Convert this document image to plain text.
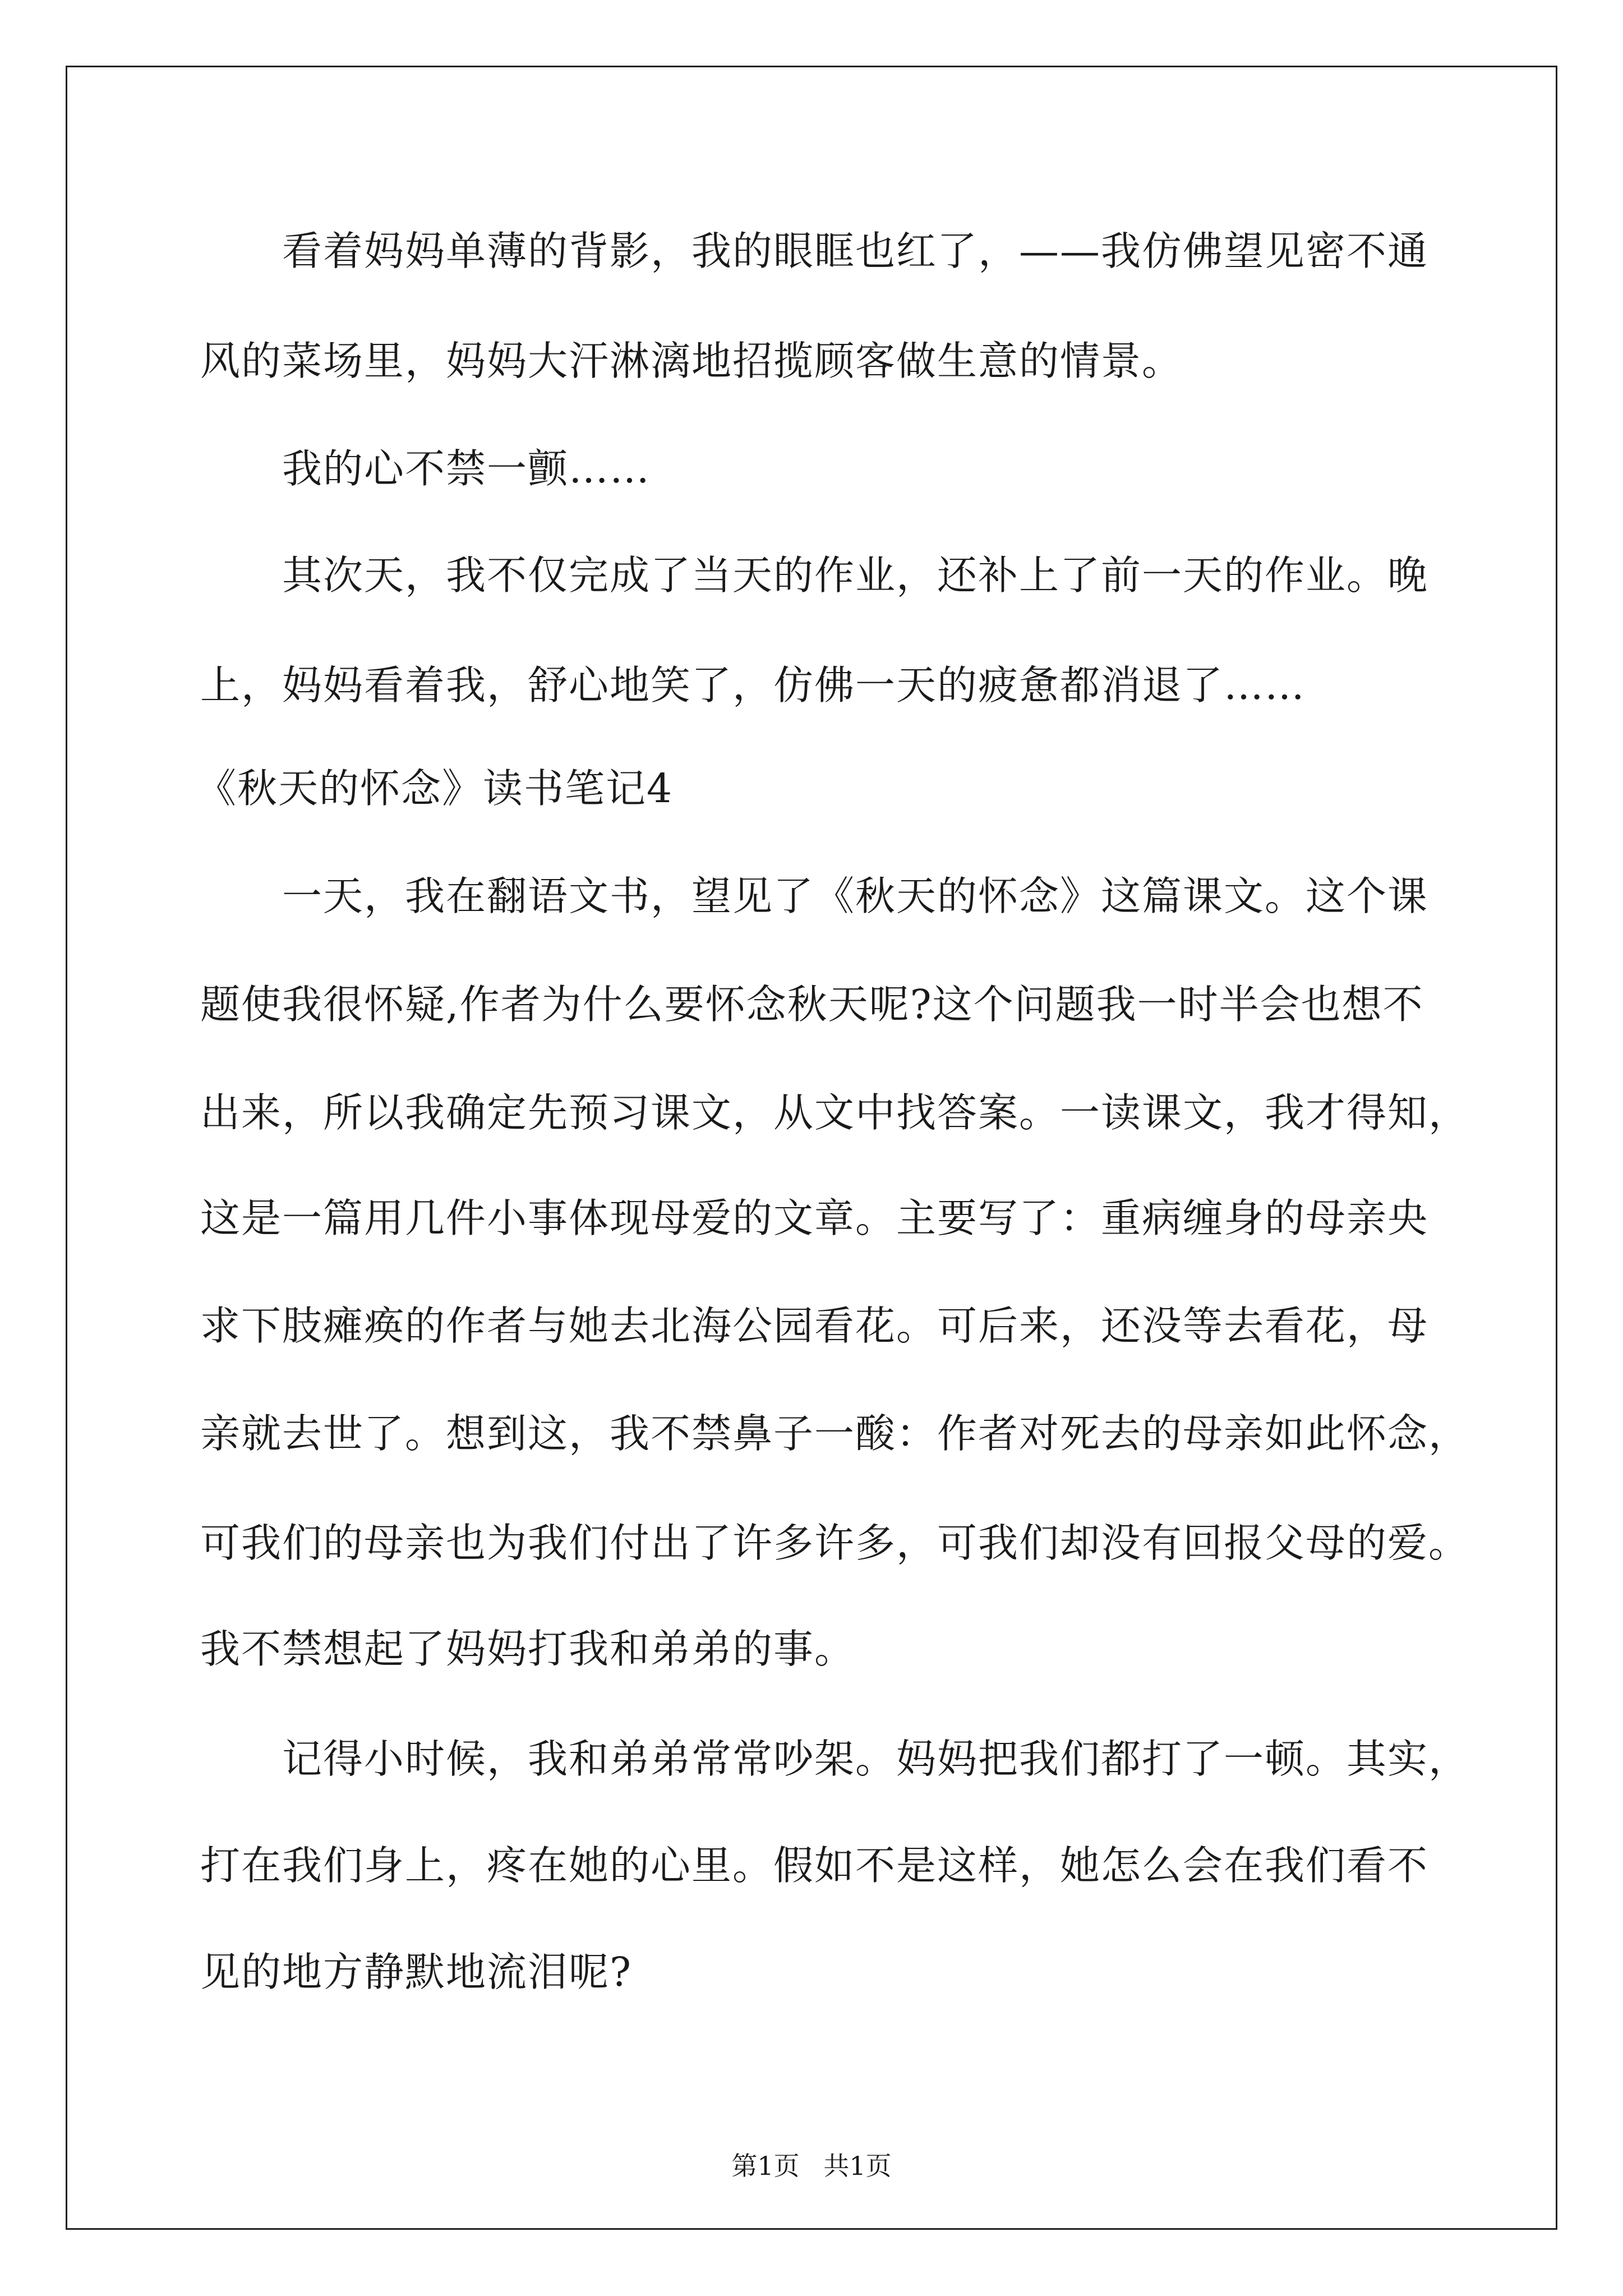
看着妈妈单薄的背影，我的眼眶也红了，——我仿佛望见密不通
风的菜场里，妈妈大汗淋漓地招揽顾客做生意的情景。
我的心不禁一颤……
其次天，我不仅完成了当天的作业，还补上了前一天的作业。晚
上，妈妈看着我，舒心地笑了，仿佛一天的疲惫都消退了……
《秋天的怀念》读书笔记4
一天，我在翻语文书，望见了《秋天的怀念》这篇课文。这个课
题使我很怀疑,作者为什么要怀念秋天呢?这个问题我一时半会也想不
出来，所以我确定先预习课文，从文中找答案。一读课文，我才得知，
这是一篇用几件小事体现母爱的文章。主要写了：重病缠身的母亲央
求下肢瘫痪的作者与她去北海公园看花。可后来，还没等去看花，母
亲就去世了。想到这，我不禁鼻子一酸：作者对死去的母亲如此怀念，
可我们的母亲也为我们付出了许多许多，可我们却没有回报父母的爱。
我不禁想起了妈妈打我和弟弟的事。
记得小时候，我和弟弟常常吵架。妈妈把我们都打了一顿。其实，
打在我们身上，疼在她的心里。假如不是这样，她怎么会在我们看不
见的地方静默地流泪呢?
第1页 共1页
